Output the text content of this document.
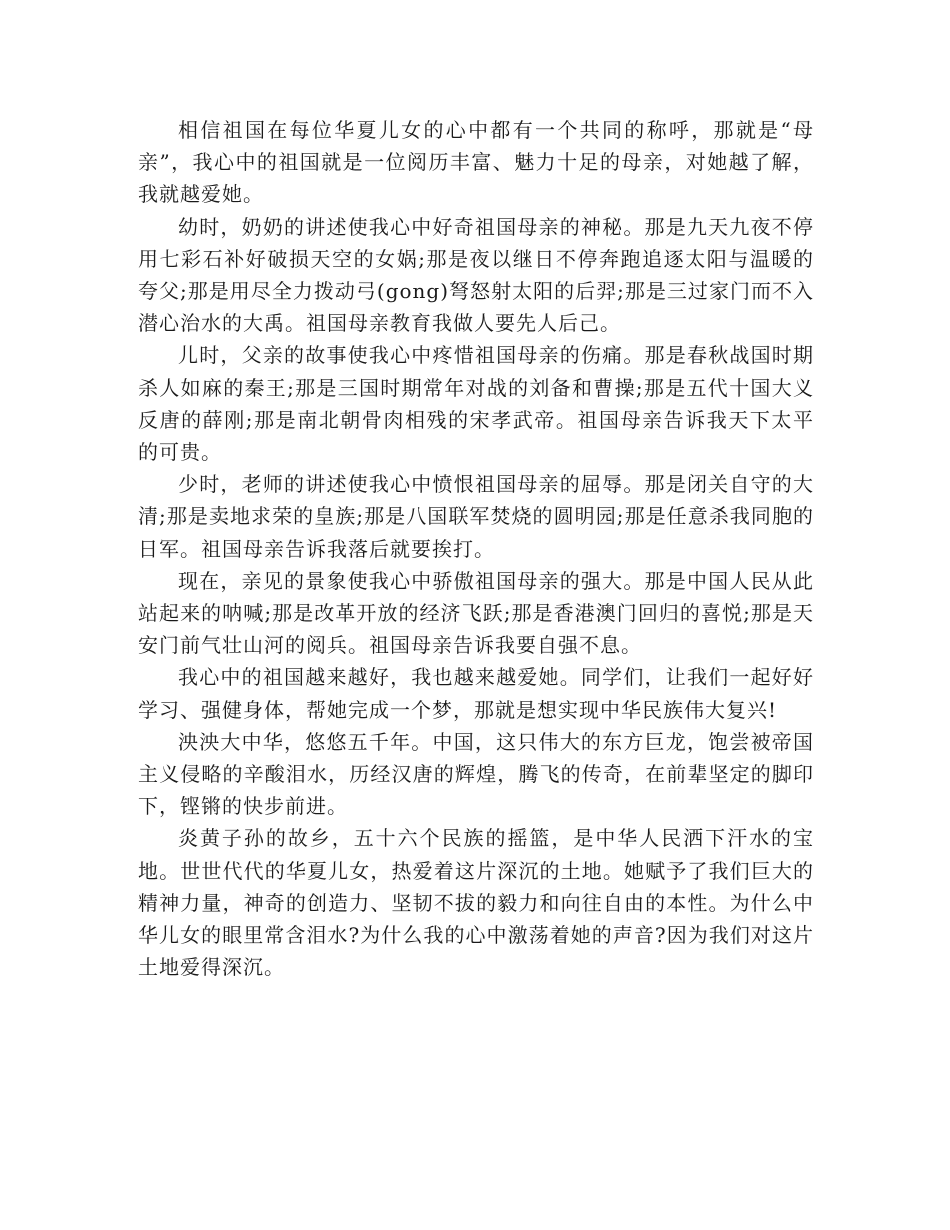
相信祖国在每位华夏儿女的心中都有一个共同的称呼，那就是“母亲”，我心中的祖国就是一位阅历丰富、魅力十足的母亲，对她越了解，我就越爱她。

幼时，奶奶的讲述使我心中好奇祖国母亲的神秘。那是九天九夜不停用七彩石补好破损天空的女娲;那是夜以继日不停奔跑追逐太阳与温暖的夸父;那是用尽全力拨动弓(gong)弩怒射太阳的后羿;那是三过家门而不入潜心治水的大禹。祖国母亲教育我做人要先人后己。

儿时，父亲的故事使我心中疼惜祖国母亲的伤痛。那是春秋战国时期杀人如麻的秦王;那是三国时期常年对战的刘备和曹操;那是五代十国大义反唐的薛刚;那是南北朝骨肉相残的宋孝武帝。祖国母亲告诉我天下太平的可贵。

少时，老师的讲述使我心中愤恨祖国母亲的屈辱。那是闭关自守的大清;那是卖地求荣的皇族;那是八国联军焚烧的圆明园;那是任意杀我同胞的日军。祖国母亲告诉我落后就要挨打。

现在，亲见的景象使我心中骄傲祖国母亲的强大。那是中国人民从此站起来的呐喊;那是改革开放的经济飞跃;那是香港澳门回归的喜悦;那是天安门前气壮山河的阅兵。祖国母亲告诉我要自强不息。

我心中的祖国越来越好，我也越来越爱她。同学们，让我们一起好好学习、强健身体，帮她完成一个梦，那就是想实现中华民族伟大复兴!

泱泱大中华，悠悠五千年。中国，这只伟大的东方巨龙，饱尝被帝国主义侵略的辛酸泪水，历经汉唐的辉煌，腾飞的传奇，在前辈坚定的脚印下，铿锵的快步前进。

炎黄子孙的故乡，五十六个民族的摇篮，是中华人民洒下汗水的宝地。世世代代的华夏儿女，热爱着这片深沉的土地。她赋予了我们巨大的精神力量，神奇的创造力、坚韧不拔的毅力和向往自由的本性。为什么中华儿女的眼里常含泪水?为什么我的心中激荡着她的声音?因为我们对这片土地爱得深沉。
